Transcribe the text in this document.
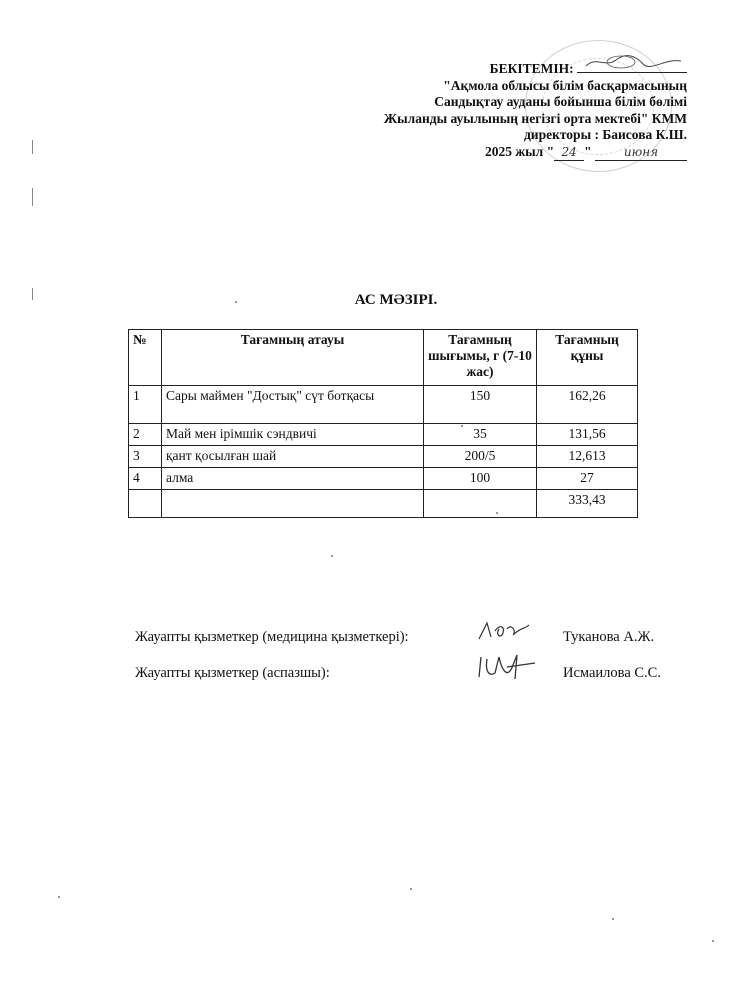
БЕКІТЕМІН:
"Ақмола облысы білім басқармасының
Сандықтау ауданы бойынша білім бөлімі
Жыланды ауылының негізгі орта мектебі" КММ
директоры : Баисова К.Ш.
2025 жыл " 24 "	июня
АС МӘЗІРІ.
№	Тағамның атауы	Тағамның шығымы, г (7-10 жас)	Тағамның құны
1	Сары маймен "Достық" сүт ботқасы	150	162,26
2	Май мен ірімшік сэндвичі	35	131,56
3	қант қосылған шай	200/5	12,613
4	алма	100	27
			333,43
Жауапты қызметкер (медицина қызметкері):	Туканова А.Ж.
Жауапты қызметкер (аспазшы):	Исмаилова С.С.
